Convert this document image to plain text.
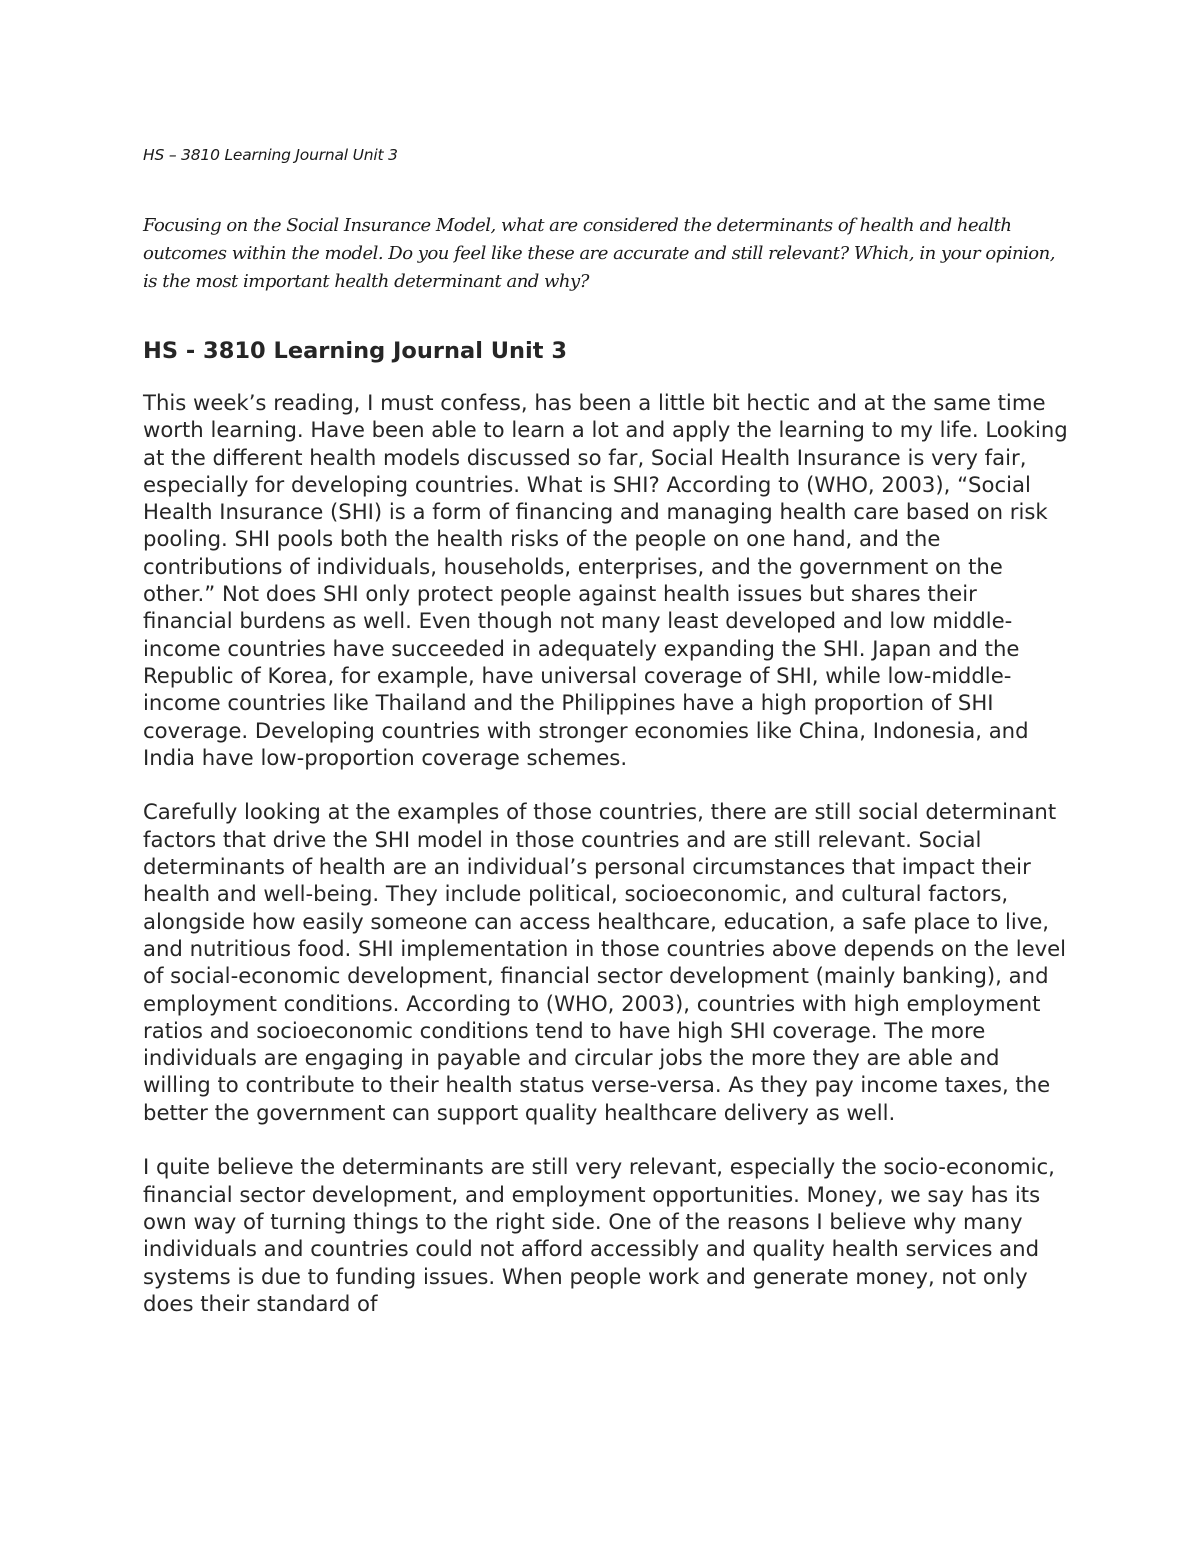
HS – 3810 Learning Journal Unit 3

Focusing on the Social Insurance Model, what are considered the determinants of health and health outcomes within the model. Do you feel like these are accurate and still relevant? Which, in your opinion, is the most important health determinant and why?

HS - 3810 Learning Journal Unit 3

This week’s reading, I must confess, has been a little bit hectic and at the same time worth learning. Have been able to learn a lot and apply the learning to my life. Looking at the different health models discussed so far, Social Health Insurance is very fair, especially for developing countries. What is SHI? According to (WHO, 2003), “Social Health Insurance (SHI) is a form of financing and managing health care based on risk pooling. SHI pools both the health risks of the people on one hand, and the contributions of individuals, households, enterprises, and the government on the other.” Not does SHI only protect people against health issues but shares their financial burdens as well. Even though not many least developed and low middle-income countries have succeeded in adequately expanding the SHI. Japan and the Republic of Korea, for example, have universal coverage of SHI, while low-middle-income countries like Thailand and the Philippines have a high proportion of SHI coverage. Developing countries with stronger economies like China, Indonesia, and India have low-proportion coverage schemes.

Carefully looking at the examples of those countries, there are still social determinant factors that drive the SHI model in those countries and are still relevant. Social determinants of health are an individual’s personal circumstances that impact their health and well-being. They include political, socioeconomic, and cultural factors, alongside how easily someone can access healthcare, education, a safe place to live, and nutritious food. SHI implementation in those countries above depends on the level of social-economic development, financial sector development (mainly banking), and employment conditions. According to (WHO, 2003), countries with high employment ratios and socioeconomic conditions tend to have high SHI coverage. The more individuals are engaging in payable and circular jobs the more they are able and willing to contribute to their health status verse-versa. As they pay income taxes, the better the government can support quality healthcare delivery as well.

I quite believe the determinants are still very relevant, especially the socio-economic, financial sector development, and employment opportunities. Money, we say has its own way of turning things to the right side. One of the reasons I believe why many individuals and countries could not afford accessibly and quality health services and systems is due to funding issues. When people work and generate money, not only does their standard of
